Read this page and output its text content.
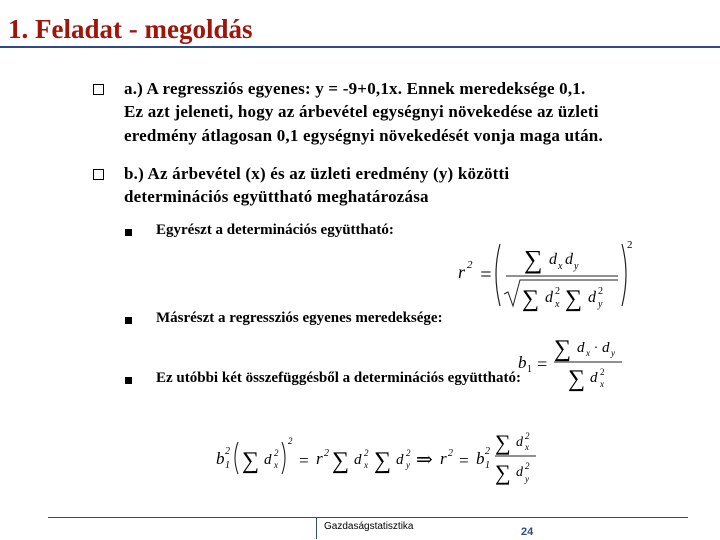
1. Feladat - megoldás
a.) A regressziós egyenes: y = -9+0,1x. Ennek meredeksége 0,1.
Ez azt jeleneti, hogy az árbevétel egységnyi növekedése az üzleti
eredmény átlagosan 0,1 egységnyi növekedését vonja maga után.
b.) Az árbevétel (x) és az üzleti eredmény (y) közötti
determinációs együttható meghatározása
Egyrészt a determinációs együttható:
Másrészt a regressziós egyenes meredeksége:
Ez utóbbi két összefüggésből a determinációs együttható:
r 2 =
2
∑ d x d y
∑ d 2
x ∑ d 2
y
b 1 =
∑ d x · d y
∑ d 2
x
b 2
1 ∑ d 2
x
2
= r 2 ∑ d 2
x ∑ d 2
y ⇒ r 2 = b 2
1
∑ d 2
x
∑ d 2
y
Gazdaságstatisztika	24
